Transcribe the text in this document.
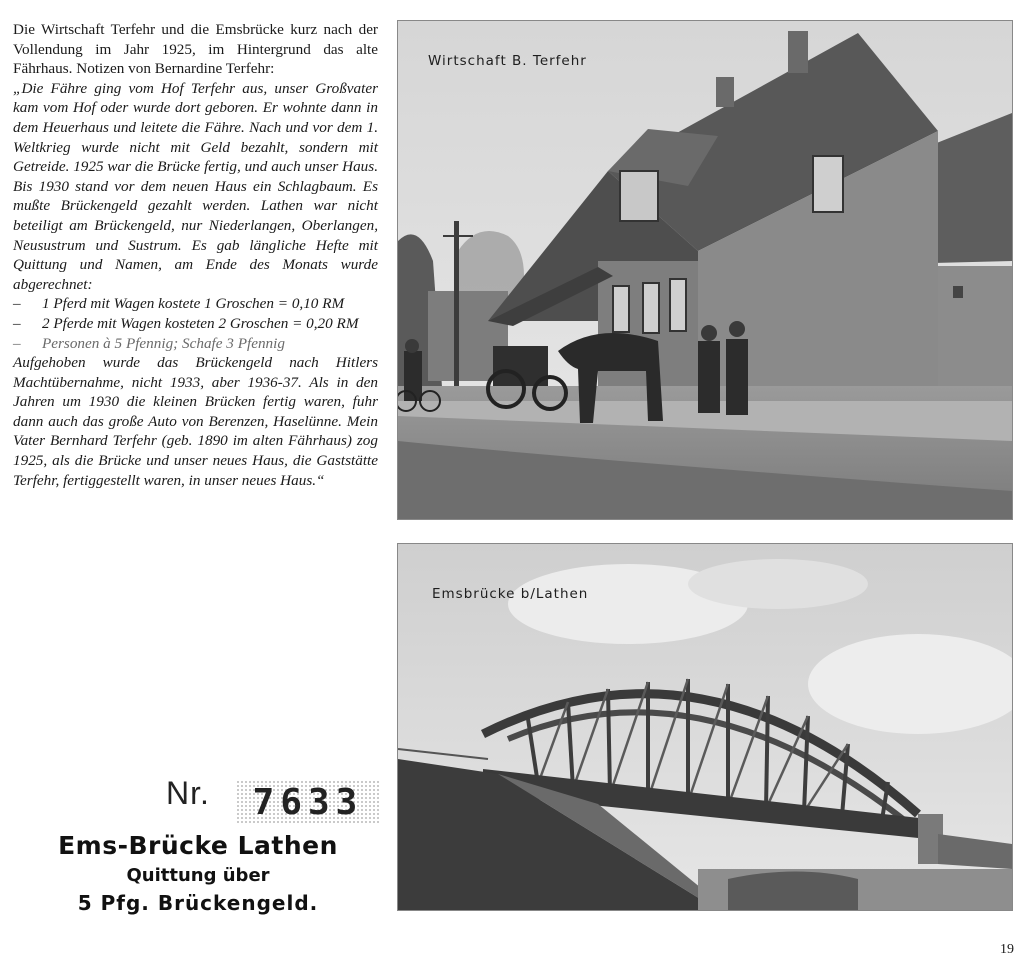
Die Wirtschaft Terfehr und die Emsbrücke kurz nach der Vollendung im Jahr 1925, im Hintergrund das alte Fährhaus. Notizen von Bernardine Terfehr:

„Die Fähre ging vom Hof Terfehr aus, unser Großvater kam vom Hof oder wurde dort geboren. Er wohnte dann in dem Heuerhaus und leitete die Fähre. Nach und vor dem 1. Weltkrieg wurde nicht mit Geld bezahlt, sondern mit Getreide. 1925 war die Brücke fertig, und auch unser Haus. Bis 1930 stand vor dem neuen Haus ein Schlagbaum. Es mußte Brückengeld gezahlt werden. Lathen war nicht beteiligt am Brückengeld, nur Niederlangen, Oberlangen, Neusustrum und Sustrum. Es gab längliche Hefte mit Quittung und Namen, am Ende des Monats wurde abgerechnet:

– 1 Pferd mit Wagen kostete 1 Groschen = 0,10 RM
– 2 Pferde mit Wagen kosteten 2 Groschen = 0,20 RM
– Personen à 5 Pfennig; Schafe 3 Pfennig

Aufgehoben wurde das Brückengeld nach Hitlers Machtübernahme, nicht 1933, aber 1936-37. Als in den Jahren um 1930 die kleinen Brücken fertig waren, fuhr dann auch das große Auto von Berenzen, Haselünne. Mein Vater Bernhard Terfehr (geb. 1890 im alten Fährhaus) zog 1925, als die Brücke und unser neues Haus, die Gaststätte Terfehr, fertiggestellt waren, in unser neues Haus.“

Nr.	7633
Ems-Brücke Lathen
Quittung über
5 Pfg. Brückengeld.
Wirtschaft B. Terfehr
Emsbrücke b/Lathen
19
